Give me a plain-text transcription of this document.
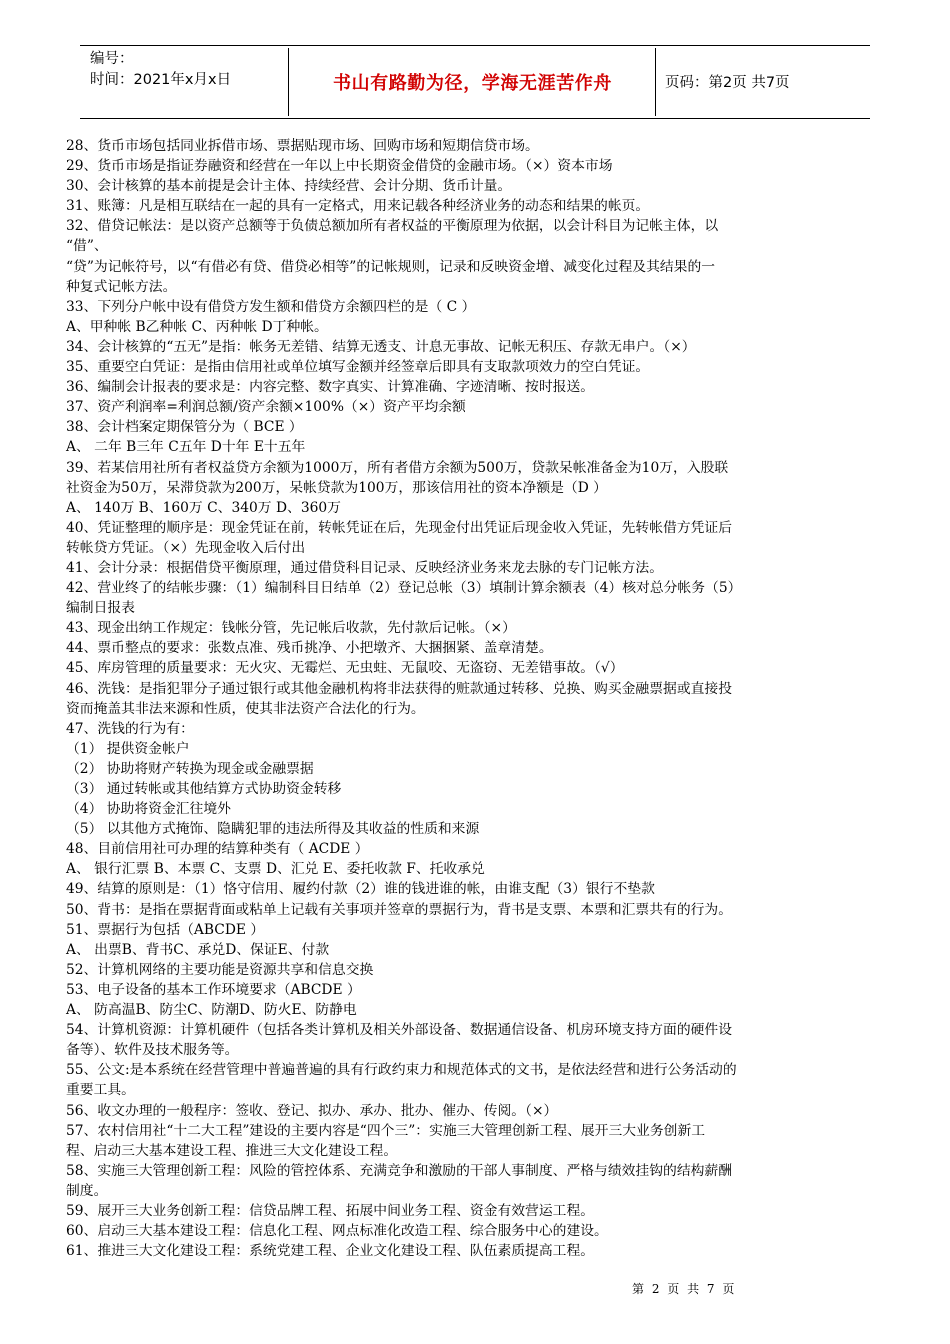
编号：
时间：2021年x月x日	书山有路勤为径，学海无涯苦作舟	页码：第2页 共7页
28、货币市场包括同业拆借市场、票据贴现市场、回购市场和短期信贷市场。
29、货币市场是指证券融资和经营在一年以上中长期资金借贷的金融市场。（×）资本市场
30、会计核算的基本前提是会计主体、持续经营、会计分期、货币计量。
31、账簿：凡是相互联结在一起的具有一定格式，用来记载各种经济业务的动态和结果的帐页。
32、借贷记帐法：是以资产总额等于负债总额加所有者权益的平衡原理为依据，以会计科目为记帐主体，以
“借”、
“贷”为记帐符号，以“有借必有贷、借贷必相等”的记帐规则，记录和反映资金增、减变化过程及其结果的一
种复式记帐方法。
33、下列分户帐中设有借贷方发生额和借贷方余额四栏的是（ C ）
A、甲种帐 B乙种帐 C、丙种帐 D丁种帐。
34、会计核算的“五无”是指：帐务无差错、结算无透支、计息无事故、记帐无积压、存款无串户。（×）
35、重要空白凭证：是指由信用社或单位填写金额并经签章后即具有支取款项效力的空白凭证。
36、编制会计报表的要求是：内容完整、数字真实、计算准确、字迹清晰、按时报送。
37、资产利润率=利润总额/资产余额×100%（×）资产平均余额
38、会计档案定期保管分为（ BCE ）
A、 二年 B三年 C五年 D十年 E十五年
39、若某信用社所有者权益贷方余额为1000万，所有者借方余额为500万，贷款呆帐准备金为10万，入股联
社资金为50万，呆滞贷款为200万，呆帐贷款为100万，那该信用社的资本净额是（D ）
A、 140万 B、160万 C、340万 D、360万
40、凭证整理的顺序是：现金凭证在前，转帐凭证在后，先现金付出凭证后现金收入凭证，先转帐借方凭证后
转帐贷方凭证。（×）先现金收入后付出
41、会计分录：根据借贷平衡原理，通过借贷科目记录、反映经济业务来龙去脉的专门记帐方法。
42、营业终了的结帐步骤：（1）编制科目日结单（2）登记总帐（3）填制计算余额表（4）核对总分帐务（5）
编制日报表
43、现金出纳工作规定：钱帐分管，先记帐后收款，先付款后记帐。（×）
44、票币整点的要求：张数点准、残币挑净、小把墩齐、大捆捆紧、盖章清楚。
45、库房管理的质量要求：无火灾、无霉烂、无虫蛀、无鼠咬、无盗窃、无差错事故。（√）
46、洗钱：是指犯罪分子通过银行或其他金融机构将非法获得的赃款通过转移、兑换、购买金融票据或直接投
资而掩盖其非法来源和性质，使其非法资产合法化的行为。
47、洗钱的行为有：
（1） 提供资金帐户
（2） 协助将财产转换为现金或金融票据
（3） 通过转帐或其他结算方式协助资金转移
（4） 协助将资金汇往境外
（5） 以其他方式掩饰、隐瞒犯罪的违法所得及其收益的性质和来源
48、目前信用社可办理的结算种类有（ ACDE ）
A、 银行汇票 B、本票 C、支票 D、汇兑 E、委托收款 F、托收承兑
49、结算的原则是：（1）恪守信用、履约付款（2）谁的钱进谁的帐，由谁支配（3）银行不垫款
50、背书：是指在票据背面或粘单上记载有关事项并签章的票据行为，背书是支票、本票和汇票共有的行为。
51、票据行为包括（ABCDE ）
A、 出票B、背书C、承兑D、保证E、付款
52、计算机网络的主要功能是资源共享和信息交换
53、电子设备的基本工作环境要求（ABCDE ）
A、 防高温B、防尘C、防潮D、防火E、防静电
54、计算机资源：计算机硬件（包括各类计算机及相关外部设备、数据通信设备、机房环境支持方面的硬件设
备等）、软件及技术服务等。
55、公文:是本系统在经营管理中普遍普遍的具有行政约束力和规范体式的文书，是依法经营和进行公务活动的
重要工具。
56、收文办理的一般程序：签收、登记、拟办、承办、批办、催办、传阅。（×）
57、农村信用社“十二大工程”建设的主要内容是“四个三”：实施三大管理创新工程、展开三大业务创新工
程、启动三大基本建设工程、推进三大文化建设工程。
58、实施三大管理创新工程：风险的管控体系、充满竞争和激励的干部人事制度、严格与绩效挂钩的结构薪酬
制度。
59、展开三大业务创新工程：信贷品牌工程、拓展中间业务工程、资金有效营运工程。
60、启动三大基本建设工程：信息化工程、网点标准化改造工程、综合服务中心的建设。
61、推进三大文化建设工程：系统党建工程、企业文化建设工程、队伍素质提高工程。
第 2 页 共 7 页
